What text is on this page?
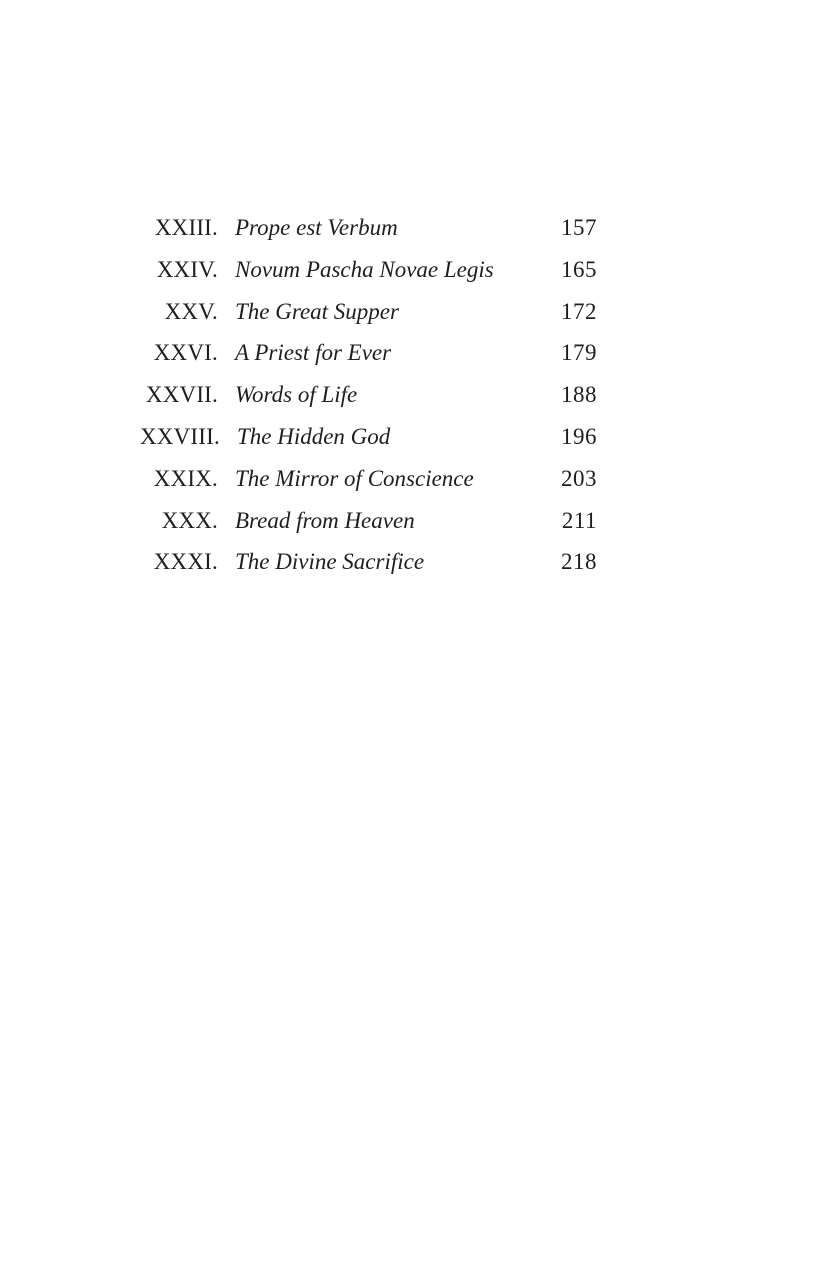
XXIII. Prope est Verbum	157
XXIV. Novum Pascha Novae Legis	165
XXV. The Great Supper	172
XXVI. A Priest for Ever	179
XXVII. Words of Life	188
XXVIII. The Hidden God	196
XXIX. The Mirror of Conscience	203
XXX. Bread from Heaven	211
XXXI. The Divine Sacrifice	218
